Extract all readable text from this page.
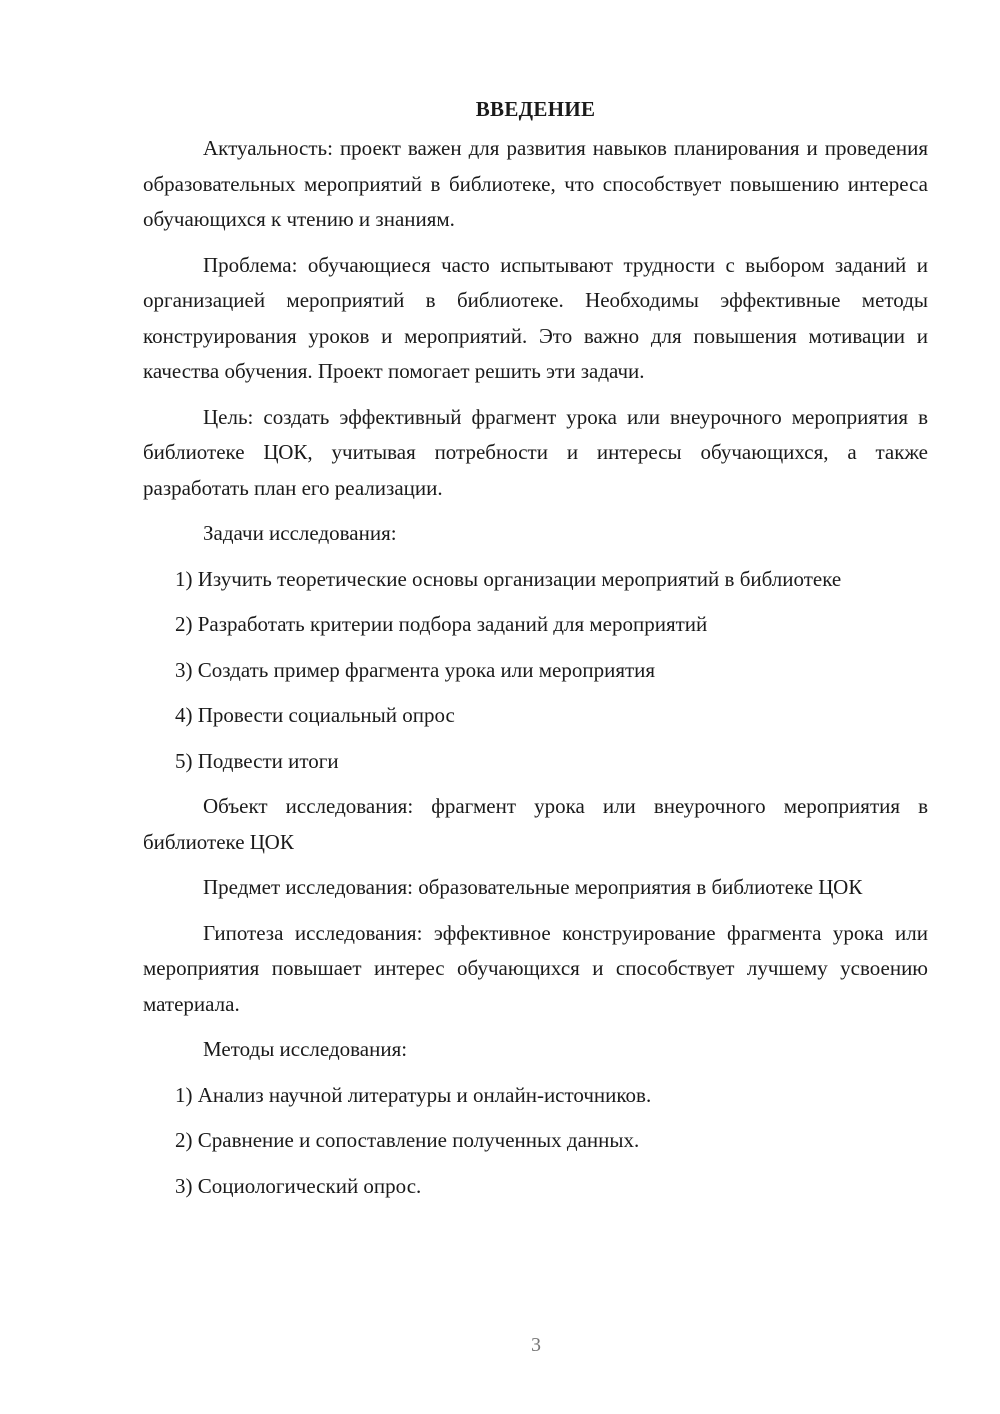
ВВЕДЕНИЕ

Актуальность: проект важен для развития навыков планирования и проведения образовательных мероприятий в библиотеке, что способствует повышению интереса обучающихся к чтению и знаниям.

Проблема: обучающиеся часто испытывают трудности с выбором заданий и организацией мероприятий в библиотеке. Необходимы эффективные методы конструирования уроков и мероприятий. Это важно для повышения мотивации и качества обучения. Проект помогает решить эти задачи.

Цель: создать эффективный фрагмент урока или внеурочного мероприятия в библиотеке ЦОК, учитывая потребности и интересы обучающихся, а также разработать план его реализации.

Задачи исследования:

1) Изучить теоретические основы организации мероприятий в библиотеке

2) Разработать критерии подбора заданий для мероприятий

3) Создать пример фрагмента урока или мероприятия

4) Провести социальный опрос

5) Подвести итоги

Объект исследования: фрагмент урока или внеурочного мероприятия в библиотеке ЦОК

Предмет исследования: образовательные мероприятия в библиотеке ЦОК

Гипотеза исследования: эффективное конструирование фрагмента урока или мероприятия повышает интерес обучающихся и способствует лучшему усвоению материала.

Методы исследования:

1) Анализ научной литературы и онлайн-источников.

2) Сравнение и сопоставление полученных данных.

3) Социологический опрос.

3
